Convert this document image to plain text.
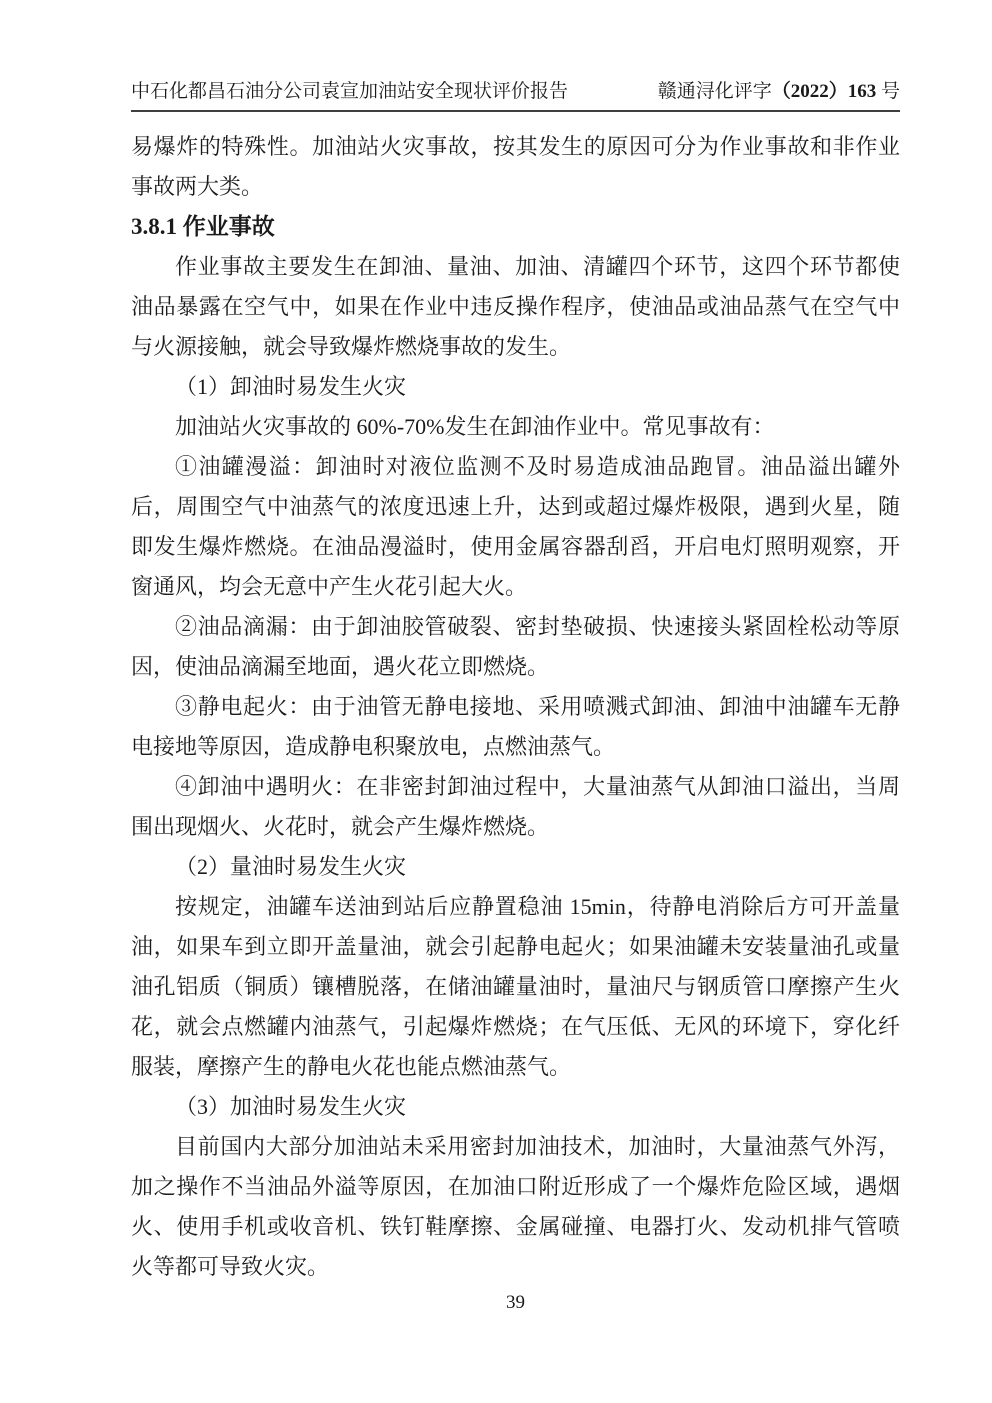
中石化都昌石油分公司袁宣加油站安全现状评价报告	赣通浔化评字（2022）163 号

易爆炸的特殊性。加油站火灾事故，按其发生的原因可分为作业事故和非作业事故两大类。

3.8.1 作业事故

作业事故主要发生在卸油、量油、加油、清罐四个环节，这四个环节都使油品暴露在空气中，如果在作业中违反操作程序，使油品或油品蒸气在空气中与火源接触，就会导致爆炸燃烧事故的发生。

（1）卸油时易发生火灾

加油站火灾事故的 60%-70%发生在卸油作业中。常见事故有：

①油罐漫溢：卸油时对液位监测不及时易造成油品跑冒。油品溢出罐外后，周围空气中油蒸气的浓度迅速上升，达到或超过爆炸极限，遇到火星，随即发生爆炸燃烧。在油品漫溢时，使用金属容器刮舀，开启电灯照明观察，开窗通风，均会无意中产生火花引起大火。

②油品滴漏：由于卸油胶管破裂、密封垫破损、快速接头紧固栓松动等原因，使油品滴漏至地面，遇火花立即燃烧。

③静电起火：由于油管无静电接地、采用喷溅式卸油、卸油中油罐车无静电接地等原因，造成静电积聚放电，点燃油蒸气。

④卸油中遇明火：在非密封卸油过程中，大量油蒸气从卸油口溢出，当周围出现烟火、火花时，就会产生爆炸燃烧。

（2）量油时易发生火灾

按规定，油罐车送油到站后应静置稳油 15min，待静电消除后方可开盖量油，如果车到立即开盖量油，就会引起静电起火；如果油罐未安装量油孔或量油孔铝质（铜质）镶槽脱落，在储油罐量油时，量油尺与钢质管口摩擦产生火花，就会点燃罐内油蒸气，引起爆炸燃烧；在气压低、无风的环境下，穿化纤服装，摩擦产生的静电火花也能点燃油蒸气。

（3）加油时易发生火灾

目前国内大部分加油站未采用密封加油技术，加油时，大量油蒸气外泻，加之操作不当油品外溢等原因，在加油口附近形成了一个爆炸危险区域，遇烟火、使用手机或收音机、铁钉鞋摩擦、金属碰撞、电器打火、发动机排气管喷火等都可导致火灾。

39
